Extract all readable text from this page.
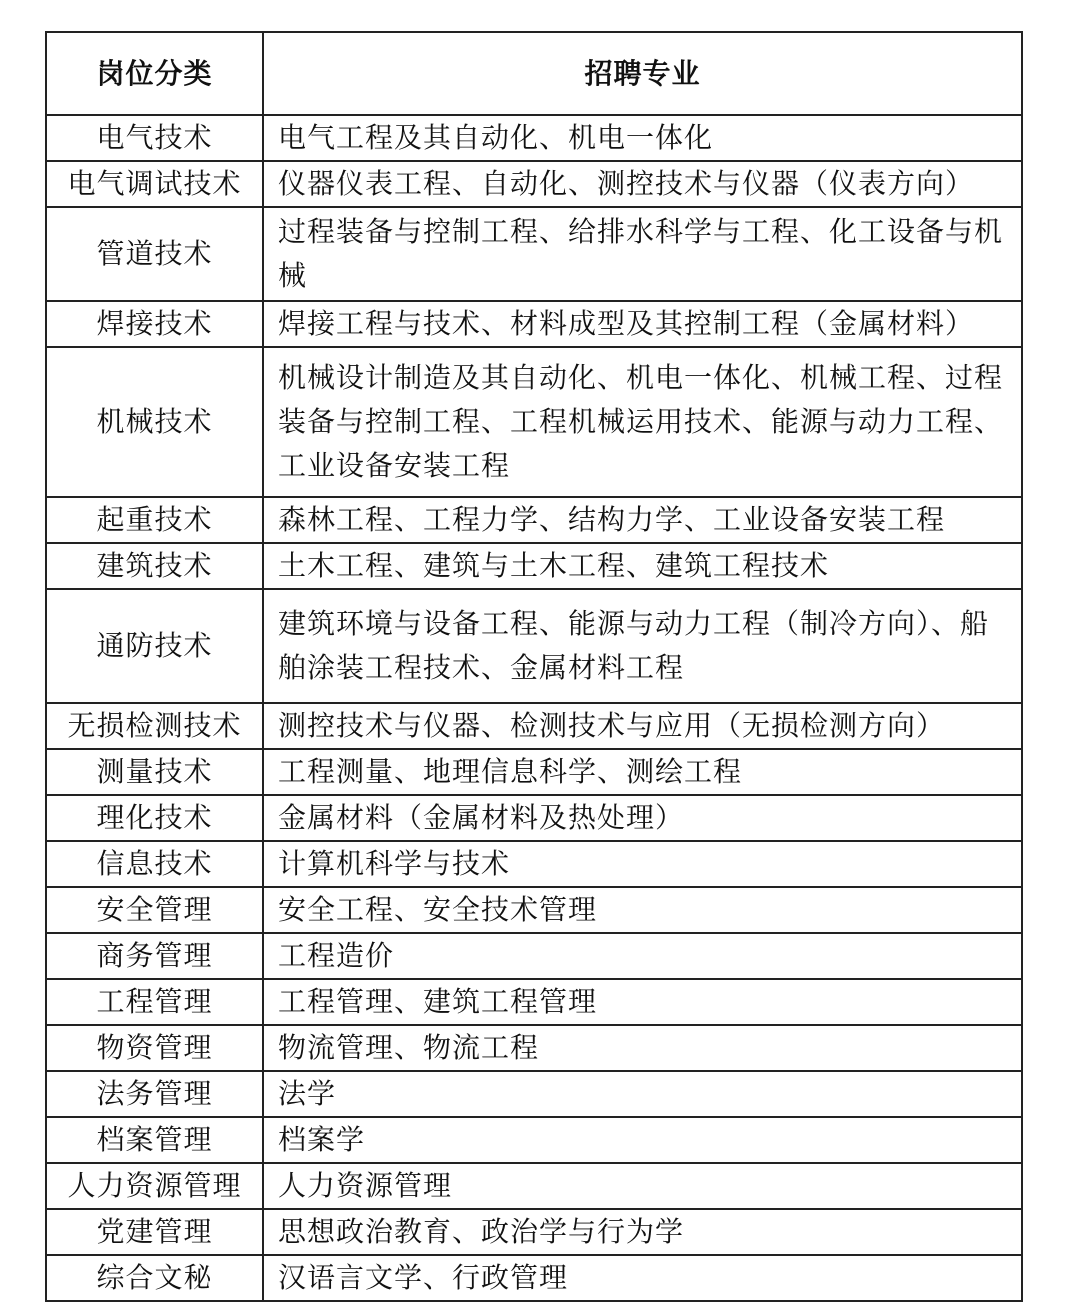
岗位分类	招聘专业
电气技术	电气工程及其自动化、机电一体化
电气调试技术	仪器仪表工程、自动化、测控技术与仪器（仪表方向）
管道技术	过程装备与控制工程、给排水科学与工程、化工设备与机械
焊接技术	焊接工程与技术、材料成型及其控制工程（金属材料）
机械技术	机械设计制造及其自动化、机电一体化、机械工程、过程装备与控制工程、工程机械运用技术、能源与动力工程、工业设备安装工程
起重技术	森林工程、工程力学、结构力学、工业设备安装工程
建筑技术	土木工程、建筑与土木工程、建筑工程技术
通防技术	建筑环境与设备工程、能源与动力工程（制冷方向）、船舶涂装工程技术、金属材料工程
无损检测技术	测控技术与仪器、检测技术与应用（无损检测方向）
测量技术	工程测量、地理信息科学、测绘工程
理化技术	金属材料（金属材料及热处理）
信息技术	计算机科学与技术
安全管理	安全工程、安全技术管理
商务管理	工程造价
工程管理	工程管理、建筑工程管理
物资管理	物流管理、物流工程
法务管理	法学
档案管理	档案学
人力资源管理	人力资源管理
党建管理	思想政治教育、政治学与行为学
综合文秘	汉语言文学、行政管理
